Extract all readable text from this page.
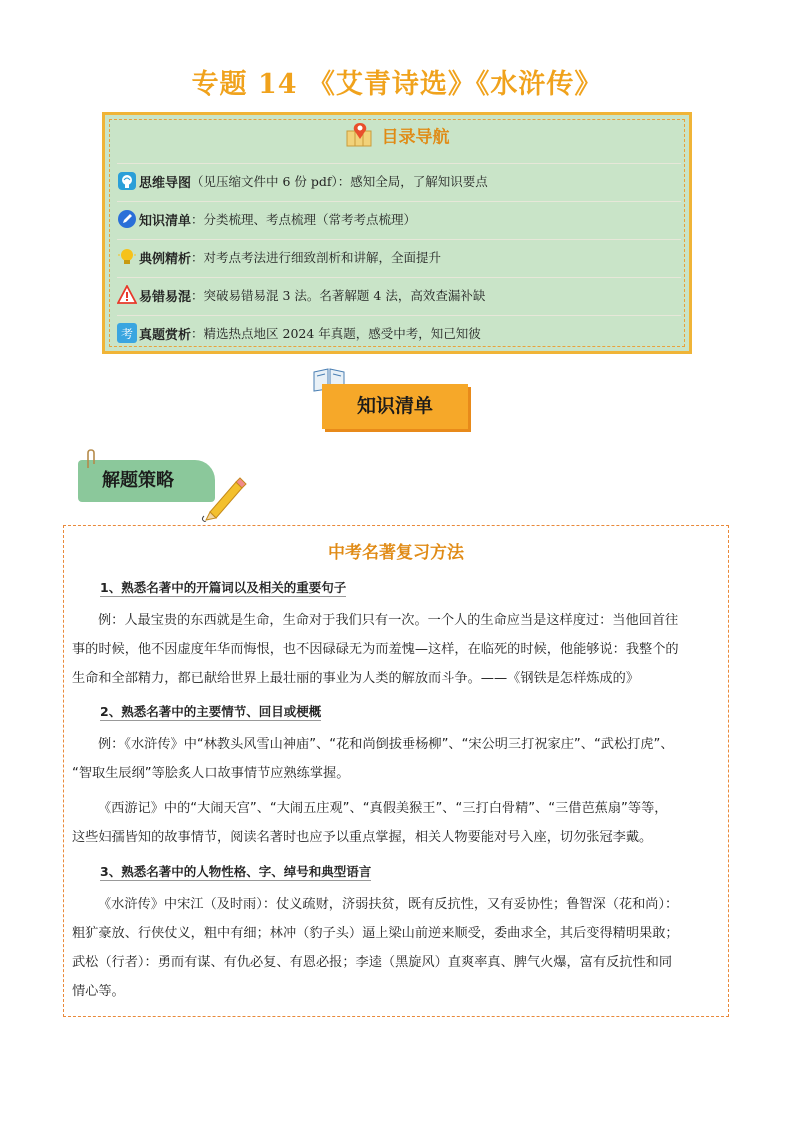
专题 14 《艾青诗选》《水浒传》
目录导航
思维导图 （见压缩文件中 6 份 pdf）：感知全局，了解知识要点
知识清单 ：分类梳理、考点梳理（常考考点梳理）
典例精析 ：对考点考法进行细致剖析和讲解，全面提升
易错易混 ：突破易错易混 3 法。名著解题 4 法，高效查漏补缺
考 真题赏析 ：精选热点地区 2024 年真题，感受中考，知己知彼
知识清单
解题策略
中考名著复习方法
1、熟悉名著中的开篇词以及相关的重要句子
例：人最宝贵的东西就是生命，生命对于我们只有一次。一个人的生命应当是这样度过：当他回首往
事的时候，他不因虚度年华而悔恨，也不因碌碌无为而羞愧—这样，在临死的时候，他能够说：我整个的
生命和全部精力，都已献给世界上最壮丽的事业为人类的解放而斗争。——《钢铁是怎样炼成的》
2、熟悉名著中的主要情节、回目或梗概
例：《水浒传》中“林教头风雪山神庙”、“花和尚倒拔垂杨柳”、“宋公明三打祝家庄”、“武松打虎”、
“智取生辰纲”等脍炙人口故事情节应熟练掌握。
《西游记》中的“大闹天宫”、“大闹五庄观”、“真假美猴王”、“三打白骨精”、“三借芭蕉扇”等等，
这些妇孺皆知的故事情节，阅读名著时也应予以重点掌握，相关人物要能对号入座，切勿张冠李戴。
3、熟悉名著中的人物性格、字、绰号和典型语言
《水浒传》中宋江（及时雨）：仗义疏财，济弱扶贫，既有反抗性，又有妥协性；鲁智深（花和尚）：
粗犷豪放、行侠仗义，粗中有细；林冲（豹子头）逼上梁山前逆来顺受，委曲求全，其后变得精明果敢；
武松（行者）：勇而有谋、有仇必复、有恩必报；李逵（黑旋风）直爽率真、脾气火爆，富有反抗性和同
情心等。
